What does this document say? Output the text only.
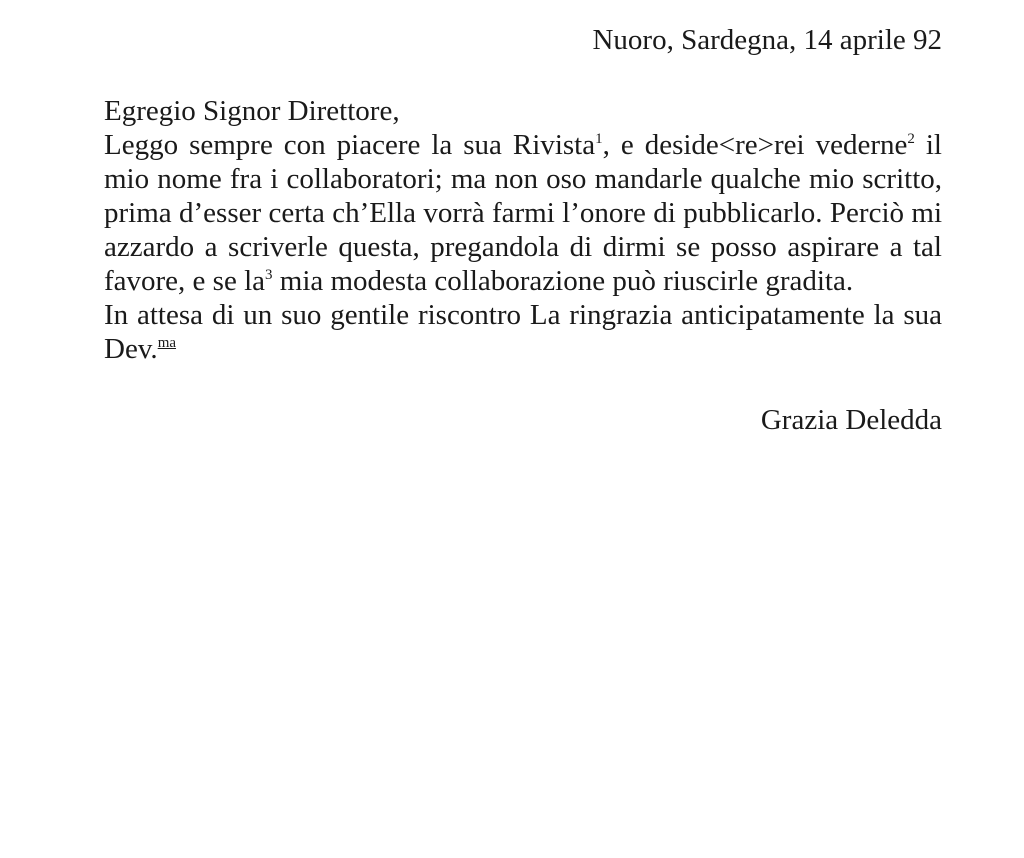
Nuoro, Sardegna, 14 aprile 92

Egregio Signor Direttore,

Leggo sempre con piacere la sua Rivista$^1$, e deside<re>rei vederne$^2$ il mio nome fra i collaboratori; ma non oso mandarle qualche mio scritto, prima d’esser certa ch’Ella vorrà farmi l’onore di pubblicarlo. Perciò mi azzardo a scriverle questa, pregandola di dirmi se posso aspirare a tal favore, e se $la^3$ mia modesta collaborazione può riuscirle gradita.

In attesa di un suo gentile riscontro La ringrazia anticipatamente la sua Dev.$^{ma}$

Grazia Deledda
